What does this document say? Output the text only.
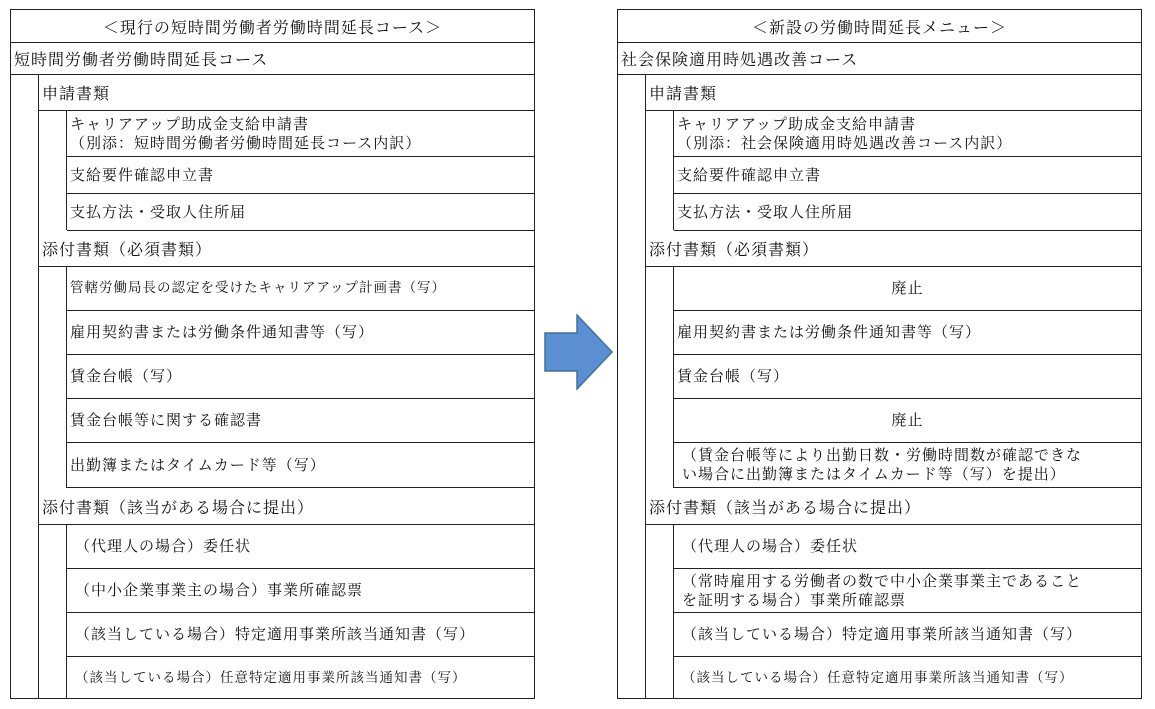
＜現行の短時間労働者労働時間延長コース＞
短時間労働者労働時間延長コース
申請書類
キャリアアップ助成金支給申請書
（別添：短時間労働者労働時間延長コース内訳）
支給要件確認申立書
支払方法・受取人住所届
添付書類（必須書類）
管轄労働局長の認定を受けたキャリアアップ計画書（写）
雇用契約書または労働条件通知書等（写）
賃金台帳（写）
賃金台帳等に関する確認書
出勤簿またはタイムカード等（写）
添付書類（該当がある場合に提出）
（代理人の場合）委任状
（中小企業事業主の場合）事業所確認票
（該当している場合）特定適用事業所該当通知書（写）
（該当している場合）任意特定適用事業所該当通知書（写）
＜新設の労働時間延長メニュー＞
社会保険適用時処遇改善コース
申請書類
キャリアアップ助成金支給申請書
（別添：社会保険適用時処遇改善コース内訳）
支給要件確認申立書
支払方法・受取人住所届
添付書類（必須書類）
廃止
雇用契約書または労働条件通知書等（写）
賃金台帳（写）
廃止
（賃金台帳等により出勤日数・労働時間数が確認できな
い場合に出勤簿またはタイムカード等（写）を提出）
添付書類（該当がある場合に提出）
（代理人の場合）委任状
（常時雇用する労働者の数で中小企業事業主であること
を証明する場合）事業所確認票
（該当している場合）特定適用事業所該当通知書（写）
（該当している場合）任意特定適用事業所該当通知書（写）
